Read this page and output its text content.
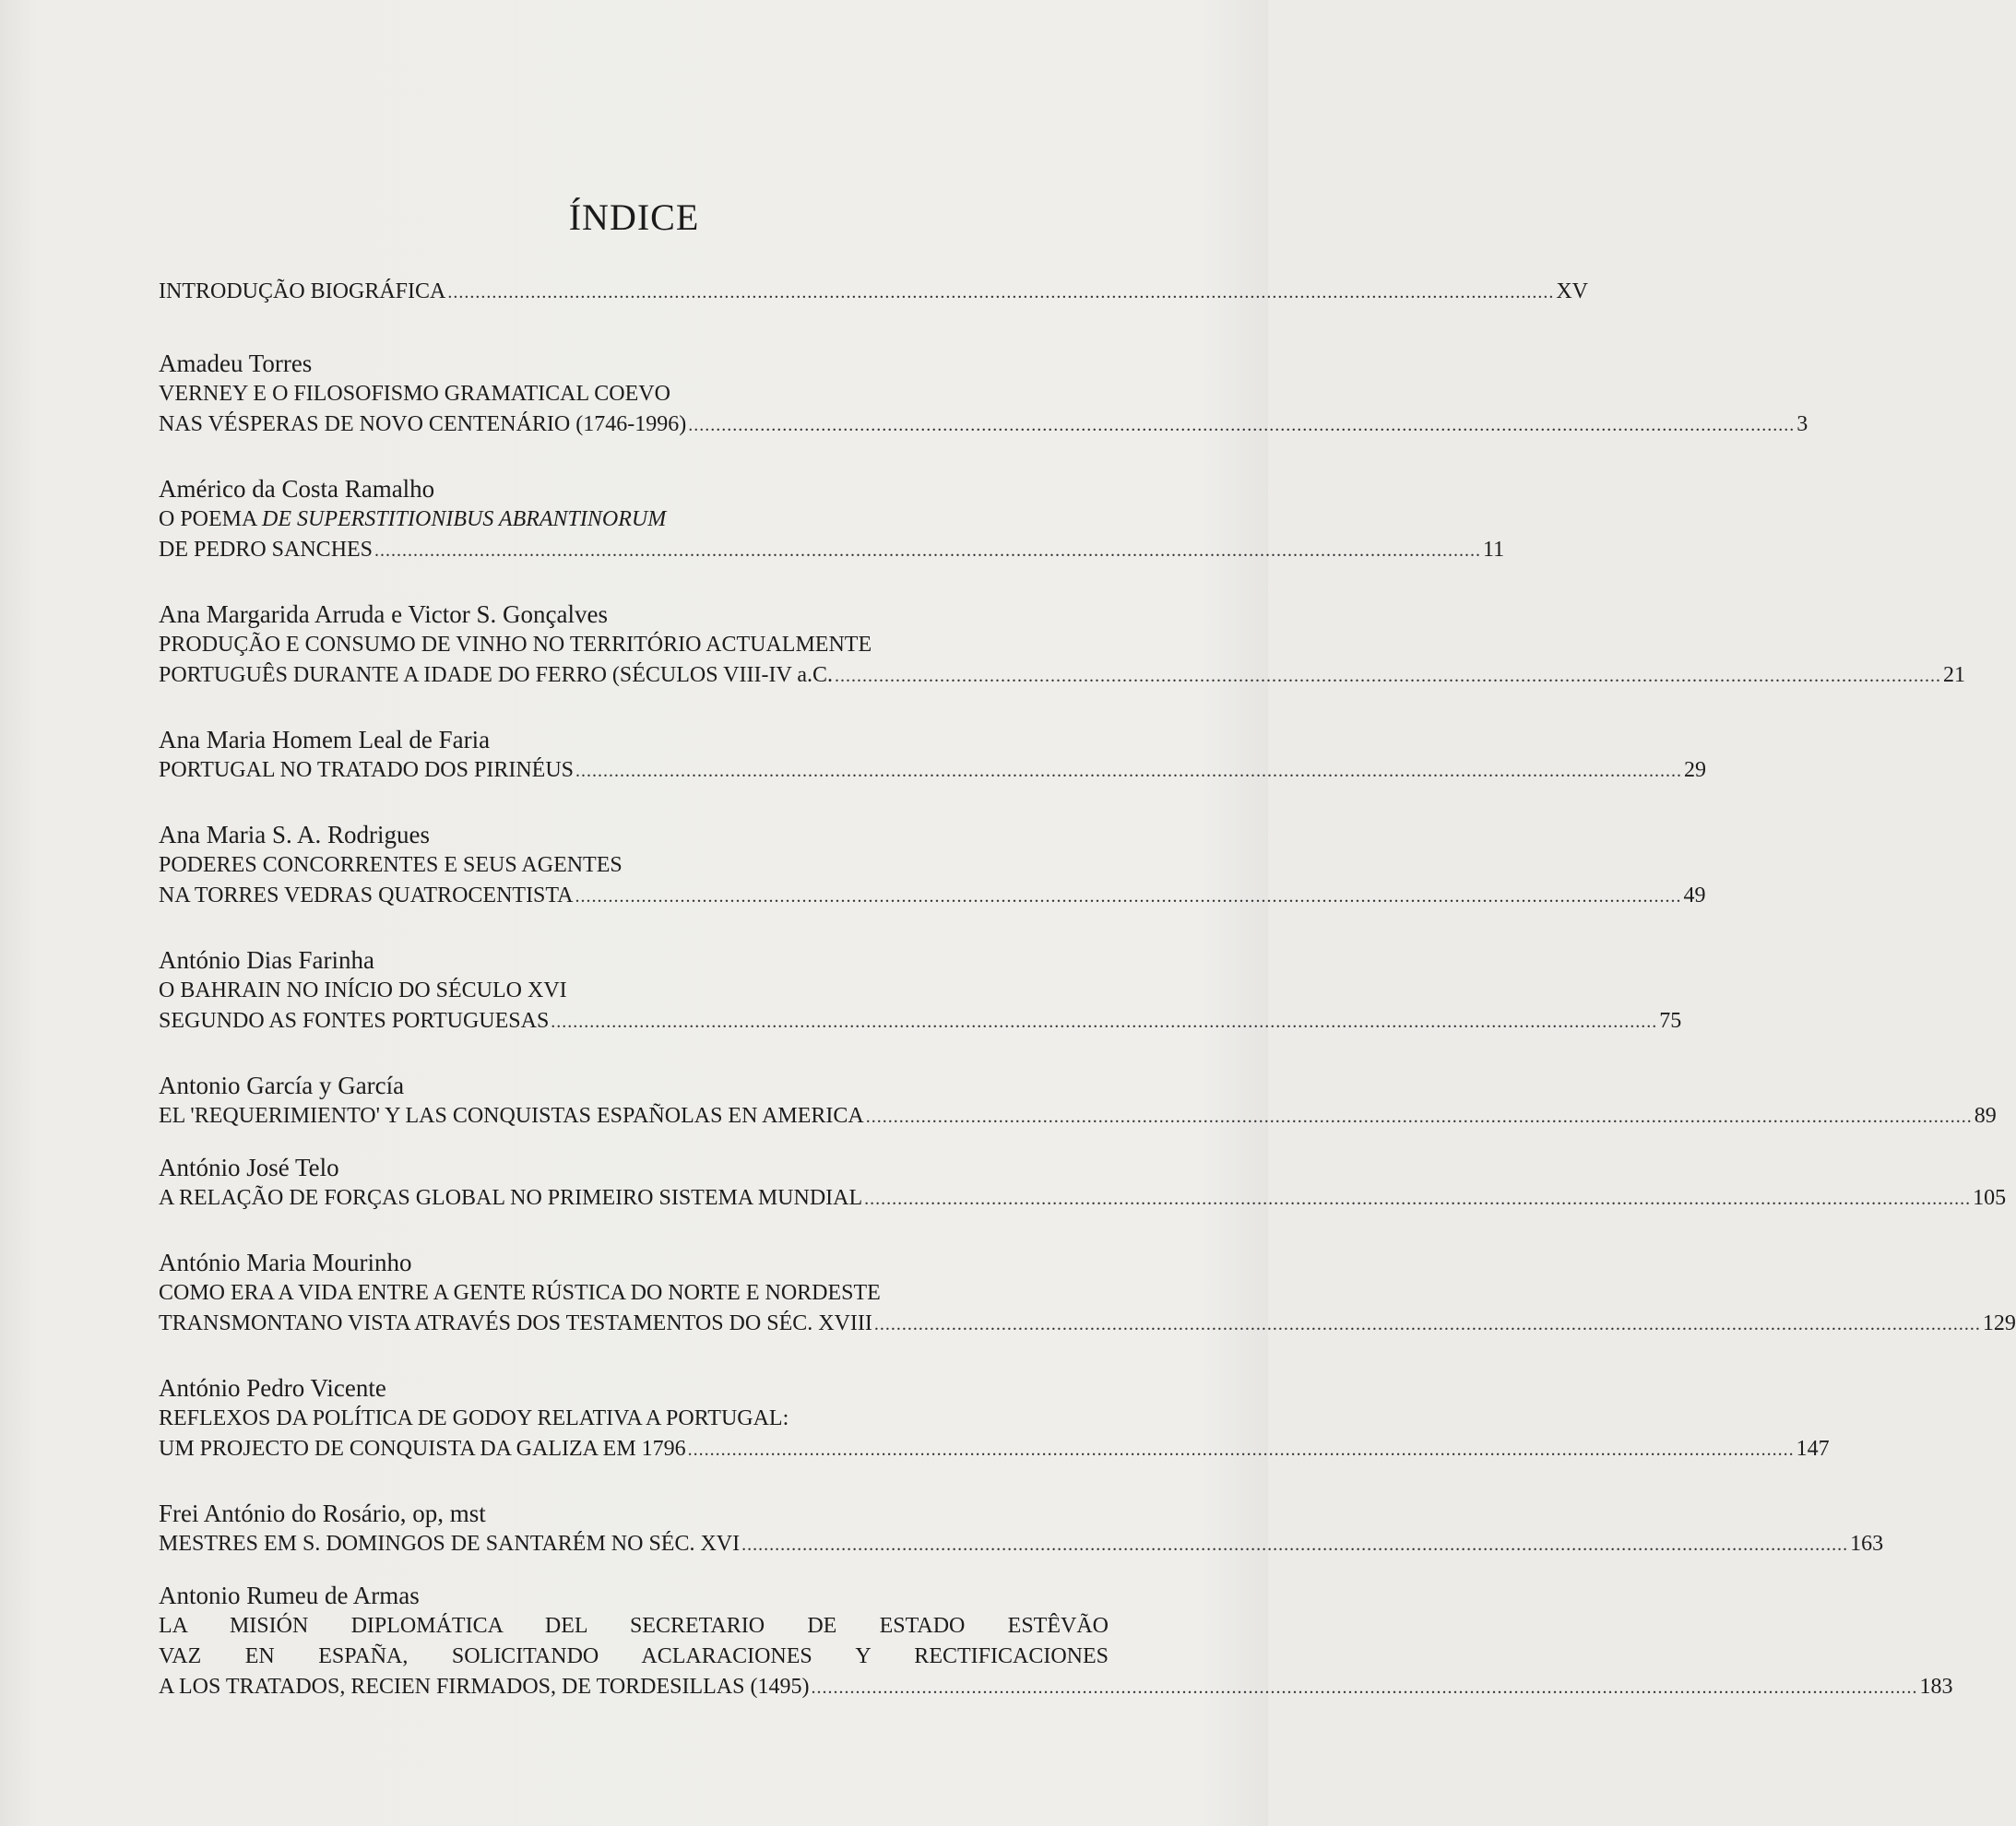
ÍNDICE
INTRODUÇÃO BIOGRÁFICA ........................................................................................................................................................................................................ XV
Amadeu Torres
VERNEY E O FILOSOFISMO GRAMATICAL COEVO
NAS VÉSPERAS DE NOVO CENTENÁRIO (1746-1996) ........................................................................................................................................................................................................ 3
Américo da Costa Ramalho
O POEMA DE SUPERSTITIONIBUS ABRANTINORUM
DE PEDRO SANCHES ........................................................................................................................................................................................................ 11
Ana Margarida Arruda e Victor S. Gonçalves
PRODUÇÃO E CONSUMO DE VINHO NO TERRITÓRIO ACTUALMENTE
PORTUGUÊS DURANTE A IDADE DO FERRO (SÉCULOS VIII-IV a.C. ........................................................................................................................................................................................................ 21
Ana Maria Homem Leal de Faria
PORTUGAL NO TRATADO DOS PIRINÉUS ........................................................................................................................................................................................................ 29
Ana Maria S. A. Rodrigues
PODERES CONCORRENTES E SEUS AGENTES
NA TORRES VEDRAS QUATROCENTISTA ........................................................................................................................................................................................................ 49
António Dias Farinha
O BAHRAIN NO INÍCIO DO SÉCULO XVI
SEGUNDO AS FONTES PORTUGUESAS ........................................................................................................................................................................................................ 75
Antonio García y García
EL 'REQUERIMIENTO' Y LAS CONQUISTAS ESPAÑOLAS EN AMERICA ........................................................................................................................................................................................................ 89
António José Telo
A RELAÇÃO DE FORÇAS GLOBAL NO PRIMEIRO SISTEMA MUNDIAL ........................................................................................................................................................................................................ 105
António Maria Mourinho
COMO ERA A VIDA ENTRE A GENTE RÚSTICA DO NORTE E NORDESTE
TRANSMONTANO VISTA ATRAVÉS DOS TESTAMENTOS DO SÉC. XVIII ........................................................................................................................................................................................................ 129
António Pedro Vicente
REFLEXOS DA POLÍTICA DE GODOY RELATIVA A PORTUGAL:
UM PROJECTO DE CONQUISTA DA GALIZA EM 1796 ........................................................................................................................................................................................................ 147
Frei António do Rosário, op, mst
MESTRES EM S. DOMINGOS DE SANTARÉM NO SÉC. XVI ........................................................................................................................................................................................................ 163
Antonio Rumeu de Armas
LA MISIÓN DIPLOMÁTICA DEL SECRETARIO DE ESTADO ESTÊVÃO
VAZ EN ESPAÑA, SOLICITANDO ACLARACIONES Y RECTIFICACIONES
A LOS TRATADOS, RECIEN FIRMADOS, DE TORDESILLAS (1495) ........................................................................................................................................................................................................ 183
